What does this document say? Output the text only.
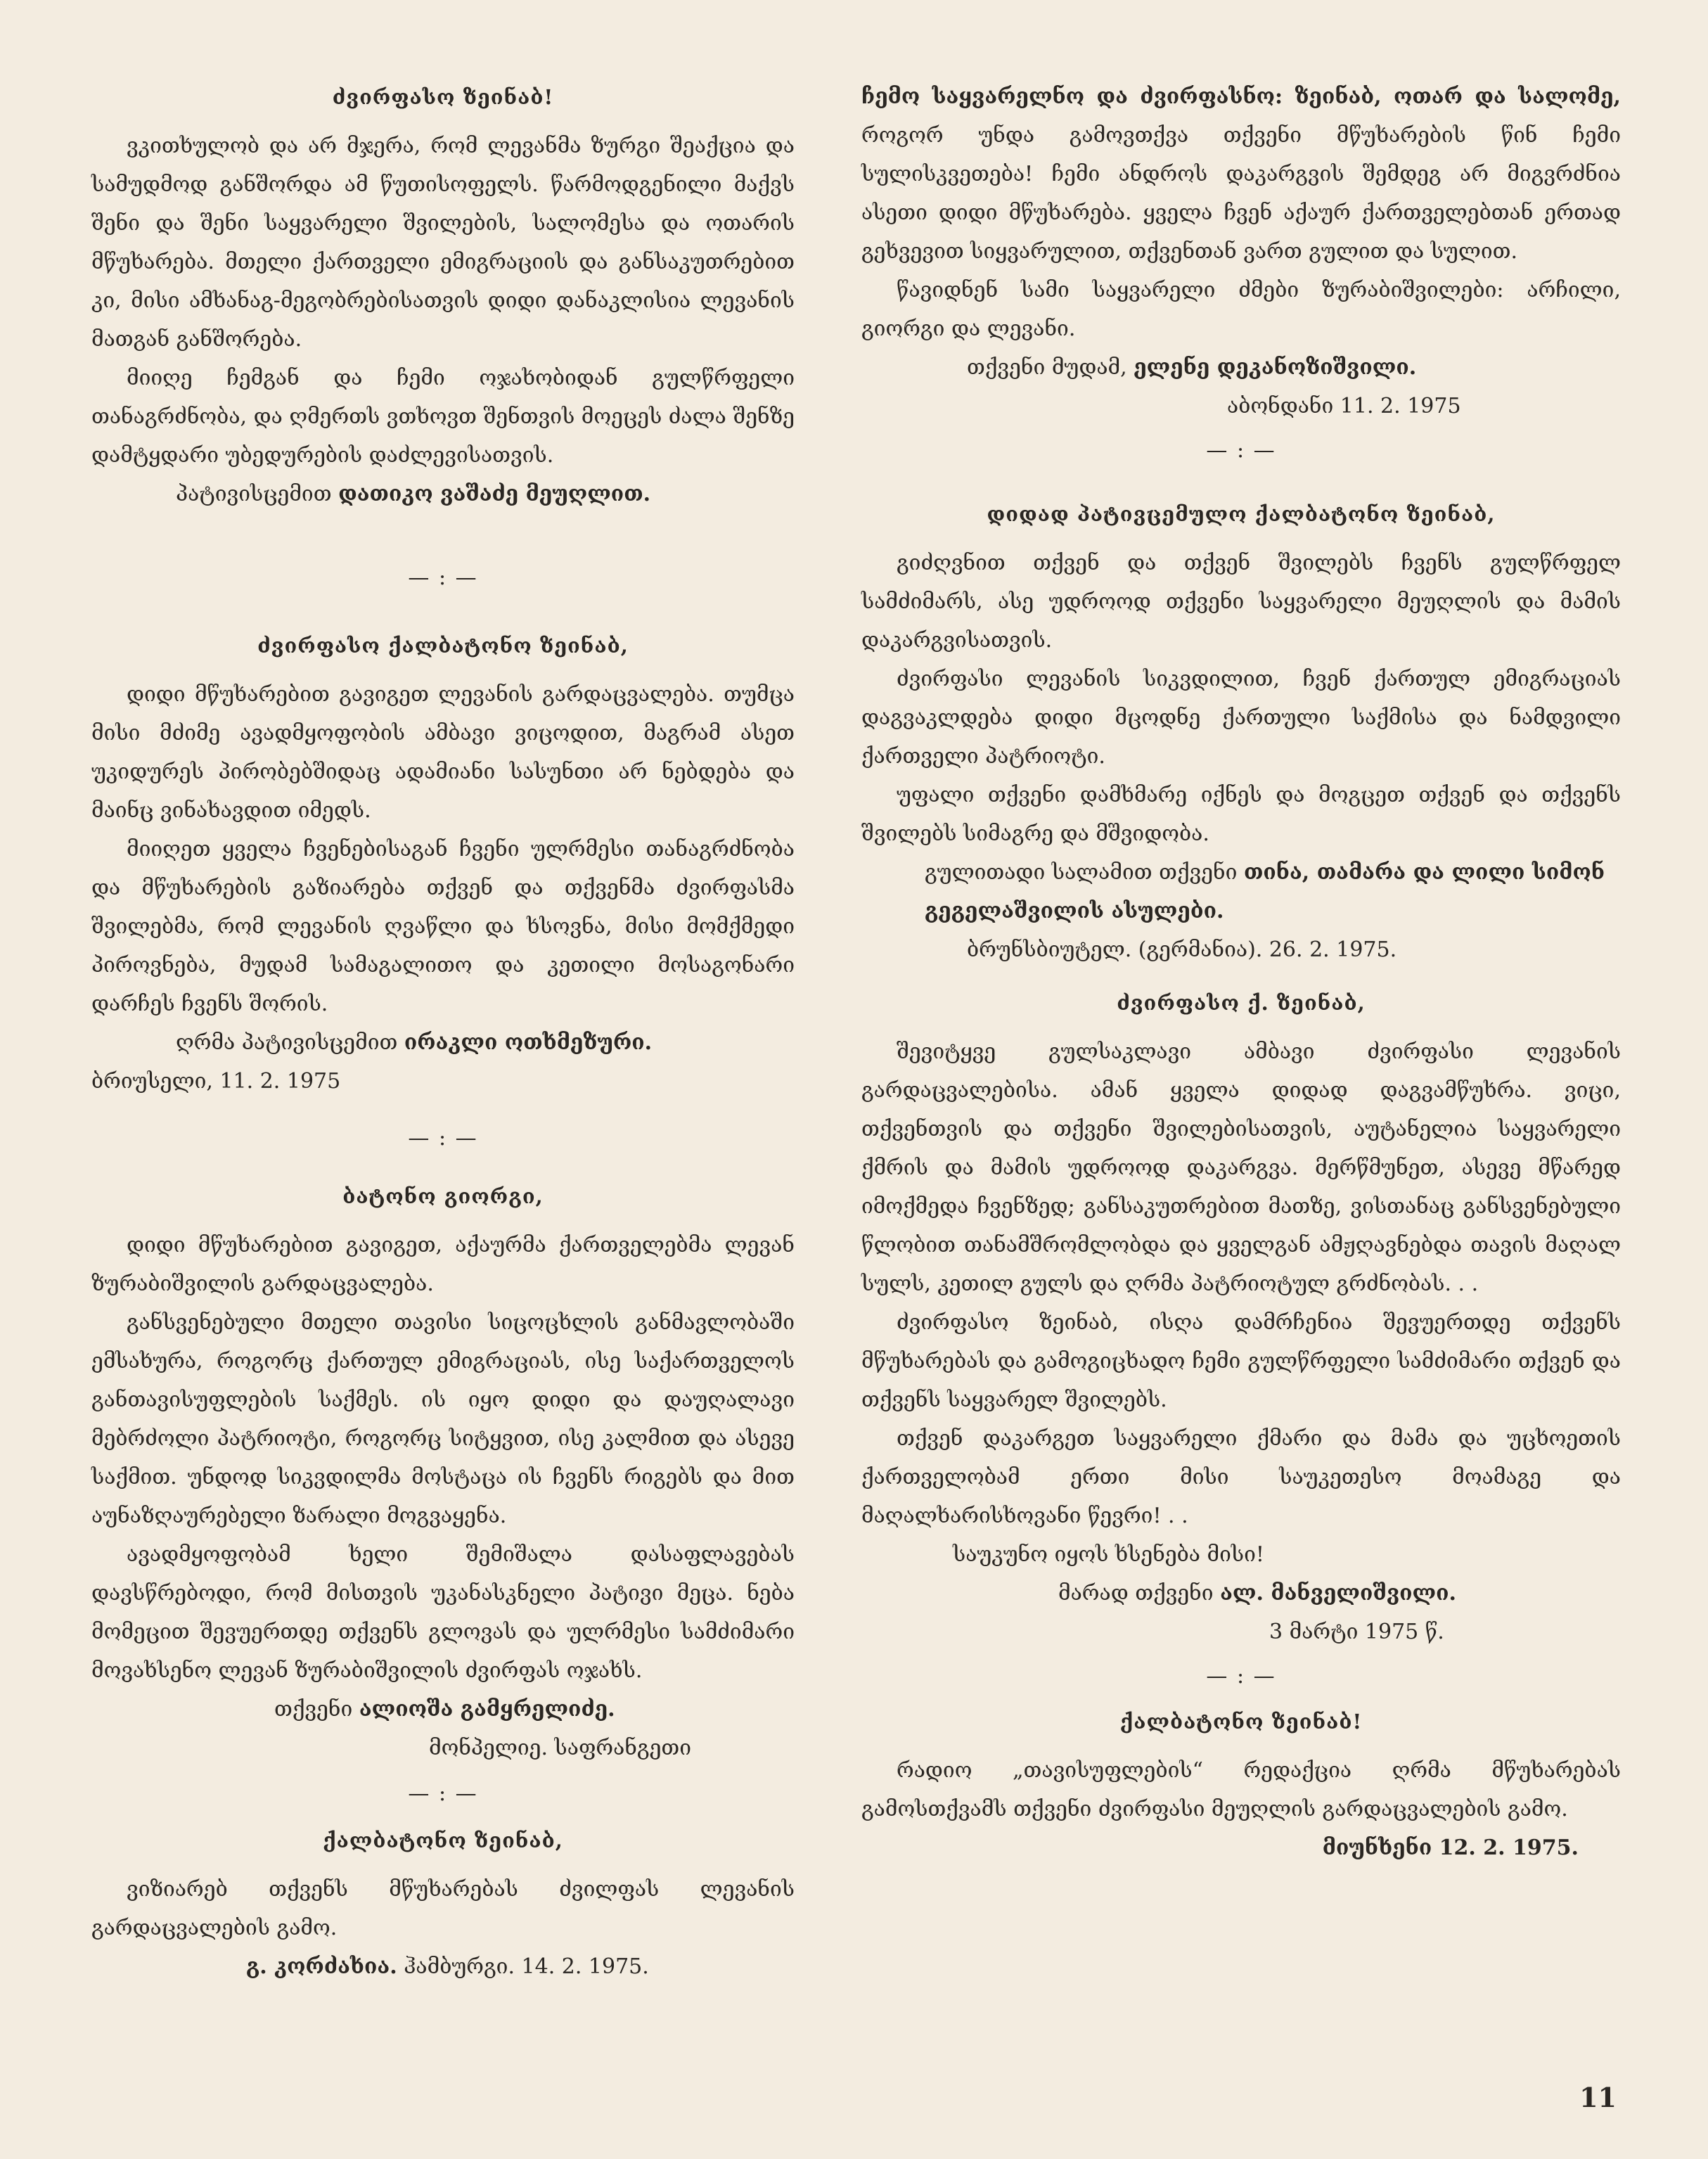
ძვირფასო ზეინაბ!

ვკითხულობ და არ მჯერა, რომ ლევანმა ზურგი შეაქცია და სამუდმოდ განშორდა ამ წუთისოფელს. წარმოდგენილი მაქვს შენი და შენი საყვარელი შვილების, სალომესა და ოთარის მწუხარება. მთელი ქართველი ემიგრაციის და განსაკუთრებით კი, მისი ამხანაგ-მეგობრებისათვის დიდი დანაკლისია ლევანის მათგან განშორება.

მიიღე ჩემგან და ჩემი ოჯახობიდან გულწრფელი თანაგრძნობა, და ღმერთს ვთხოვთ შენთვის მოეცეს ძალა შენზე დამტყდარი უბედურების დაძლევისათვის.

პატივისცემით დათიკო ვაშაძე მეუღლით.

— : —
ძვირფასო ქალბატონო ზეინაბ,

დიდი მწუხარებით გავიგეთ ლევანის გარდაცვალება. თუმცა მისი მძიმე ავადმყოფობის ამბავი ვიცოდით, მაგრამ ასეთ უკიდურეს პირობებშიდაც ადამიანი სასუნთი არ ნებდება და მაინც ვინახავდით იმედს.

მიიღეთ ყველა ჩვენებისაგან ჩვენი ულრმესი თანაგრძნობა და მწუხარების გაზიარება თქვენ და თქვენმა ძვირფასმა შვილებმა, რომ ლევანის ღვაწლი და ხსოვნა, მისი მომქმედი პიროვნება, მუდამ სამაგალითო და კეთილი მოსაგონარი დარჩეს ჩვენს შორის.

ღრმა პატივისცემით ირაკლი ოთხმეზური.

ბრიუსელი, 11. 2. 1975

— : —
ბატონო გიორგი,

დიდი მწუხარებით გავიგეთ, აქაურმა ქართველებმა ლევან ზურაბიშვილის გარდაცვალება.

განსვენებული მთელი თავისი სიცოცხლის განმავლობაში ემსახურა, როგორც ქართულ ემიგრაციას, ისე საქართველოს განთავისუფლების საქმეს. ის იყო დიდი და დაუღალავი მებრძოლი პატრიოტი, როგორც სიტყვით, ისე კალმით და ასევე საქმით. უნდოდ სიკვდილმა მოსტაცა ის ჩვენს რიგებს და მით აუნაზღაურებელი ზარალი მოგვაყენა.

ავადმყოფობამ ხელი შემიშალა დასაფლავებას დავსწრებოდი, რომ მისთვის უკანასკნელი პატივი მეცა. ნება მომეცით შევუერთდე თქვენს გლოვას და ულრმესი სამძიმარი მოვახსენო ლევან ზურაბიშვილის ძვირფას ოჯახს.

თქვენი ალიოშა გამყრელიძე.

მონპელიე. საფრანგეთი

— : —
ქალბატონო ზეინაბ,

ვიზიარებ თქვენს მწუხარებას ძვილფას ლევანის გარდაცვალების გამო.

გ. კორძახია. ჰამბურგი. 14. 2. 1975.

ჩემო საყვარელნო და ძვირფასნო: ზეინაბ, ოთარ და სალომე, როგორ უნდა გამოვთქვა თქვენი მწუხარების წინ ჩემი სულისკვეთება! ჩემი ანდროს დაკარგვის შემდეგ არ მიგვრძნია ასეთი დიდი მწუხარება. ყველა ჩვენ აქაურ ქართველებთან ერთად გეხვევით სიყვარულით, თქვენთან ვართ გულით და სულით.

წავიდნენ სამი საყვარელი ძმები ზურაბიშვილები: არჩილი, გიორგი და ლევანი.

თქვენი მუდამ, ელენე დეკანოზიშვილი.

აბონდანი 11. 2. 1975

— : —
დიდად პატივცემულო ქალბატონო ზეინაბ,

გიძღვნით თქვენ და თქვენ შვილებს ჩვენს გულწრფელ სამძიმარს, ასე უდროოდ თქვენი საყვარელი მეუღლის და მამის დაკარგვისათვის.

ძვირფასი ლევანის სიკვდილით, ჩვენ ქართულ ემიგრაციას დაგვაკლდება დიდი მცოდნე ქართული საქმისა და ნამდვილი ქართველი პატრიოტი.

უფალი თქვენი დამხმარე იქნეს და მოგცეთ თქვენ და თქვენს შვილებს სიმაგრე და მშვიდობა.

გულითადი სალამით თქვენი თინა, თამარა და ლილი სიმონ გეგელაშვილის ასულები.

ბრუნსბიუტელ. (გერმანია). 26. 2. 1975.

ძვირფასო ქ. ზეინაბ,

შევიტყვე გულსაკლავი ამბავი ძვირფასი ლევანის გარდაცვალებისა. ამან ყველა დიდად დაგვამწუხრა. ვიცი, თქვენთვის და თქვენი შვილებისათვის, აუტანელია საყვარელი ქმრის და მამის უდროოდ დაკარგვა. მერწმუნეთ, ასევე მწარედ იმოქმედა ჩვენზედ; განსაკუთრებით მათზე, ვისთანაც განსვენებული წლობით თანამშრომლობდა და ყველგან ამჟღავნებდა თავის მაღალ სულს, კეთილ გულს და ღრმა პატრიოტულ გრძნობას. . .

ძვირფასო ზეინაბ, ისღა დამრჩენია შევუერთდე თქვენს მწუხარებას და გამოგიცხადო ჩემი გულწრფელი სამძიმარი თქვენ და თქვენს საყვარელ შვილებს.

თქვენ დაკარგეთ საყვარელი ქმარი და მამა და უცხოეთის ქართველობამ ერთი მისი საუკეთესო მოამაგე და მაღალხარისხოვანი წევრი! . .

საუკუნო იყოს ხსენება მისი!

მარად თქვენი ალ. მანველიშვილი.

3 მარტი 1975 წ.

— : —
ქალბატონო ზეინაბ!

რადიო „თავისუფლების“ რედაქცია ღრმა მწუხარებას გამოსთქვამს თქვენი ძვირფასი მეუღლის გარდაცვალების გამო.

მიუნხენი 12. 2. 1975.

11
